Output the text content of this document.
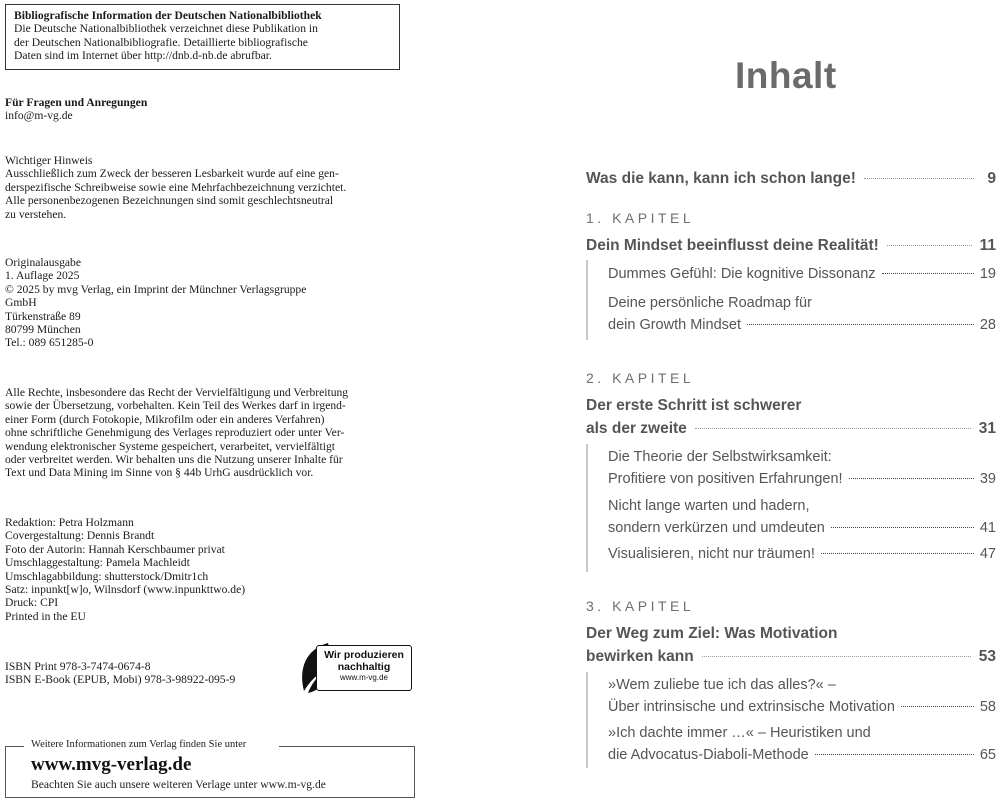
Bibliografische Information der Deutschen Nationalbibliothek
Die Deutsche Nationalbibliothek verzeichnet diese Publikation in
der Deutschen Nationalbibliografie. Detaillierte bibliografische
Daten sind im Internet über http://dnb.d-nb.de abrufbar.
Für Fragen und Anregungen
info@m-vg.de
Wichtiger Hinweis
Ausschließlich zum Zweck der besseren Lesbarkeit wurde auf eine gen-
derspezifische Schreibweise sowie eine Mehrfachbezeichnung verzichtet.
Alle personenbezogenen Bezeichnungen sind somit geschlechtsneutral
zu verstehen.
Originalausgabe
1. Auflage 2025
© 2025 by mvg Verlag, ein Imprint der Münchner Verlagsgruppe
GmbH
Türkenstraße 89
80799 München
Tel.: 089 651285-0
Alle Rechte, insbesondere das Recht der Vervielfältigung und Verbreitung
sowie der Übersetzung, vorbehalten. Kein Teil des Werkes darf in irgend-
einer Form (durch Fotokopie, Mikrofilm oder ein anderes Verfahren)
ohne schriftliche Genehmigung des Verlages reproduziert oder unter Ver-
wendung elektronischer Systeme gespeichert, verarbeitet, vervielfältigt
oder verbreitet werden. Wir behalten uns die Nutzung unserer Inhalte für
Text und Data Mining im Sinne von § 44b UrhG ausdrücklich vor.
Redaktion: Petra Holzmann
Covergestaltung: Dennis Brandt
Foto der Autorin: Hannah Kerschbaumer privat
Umschlaggestaltung: Pamela Machleidt
Umschlagabbildung: shutterstock/Dmitr1ch
Satz: inpunkt[w]o, Wilnsdorf (www.inpunkttwo.de)
Druck: CPI
Printed in the EU
ISBN Print 978-3-7474-0674-8
ISBN E-Book (EPUB, Mobi) 978-3-98922-095-9
Wir produzieren
nachhaltig
www.m-vg.de
Weitere Informationen zum Verlag finden Sie unter
www.mvg-verlag.de
Beachten Sie auch unsere weiteren Verlage unter www.m-vg.de
Inhalt
Was die kann, kann ich schon lange!	9
1. KAPITEL
Dein Mindset beeinflusst deine Realität!	11
Dummes Gefühl: Die kognitive Dissonanz	19
Deine persönliche Roadmap für
dein Growth Mindset	28
2. KAPITEL
Der erste Schritt ist schwerer
als der zweite	31
Die Theorie der Selbstwirksamkeit:
Profitiere von positiven Erfahrungen!	39
Nicht lange warten und hadern,
sondern verkürzen und umdeuten	41
Visualisieren, nicht nur träumen!	47
3. KAPITEL
Der Weg zum Ziel: Was Motivation
bewirken kann	53
»Wem zuliebe tue ich das alles?« –
Über intrinsische und extrinsische Motivation	58
»Ich dachte immer …« – Heuristiken und
die Advocatus-Diaboli-Methode	65
